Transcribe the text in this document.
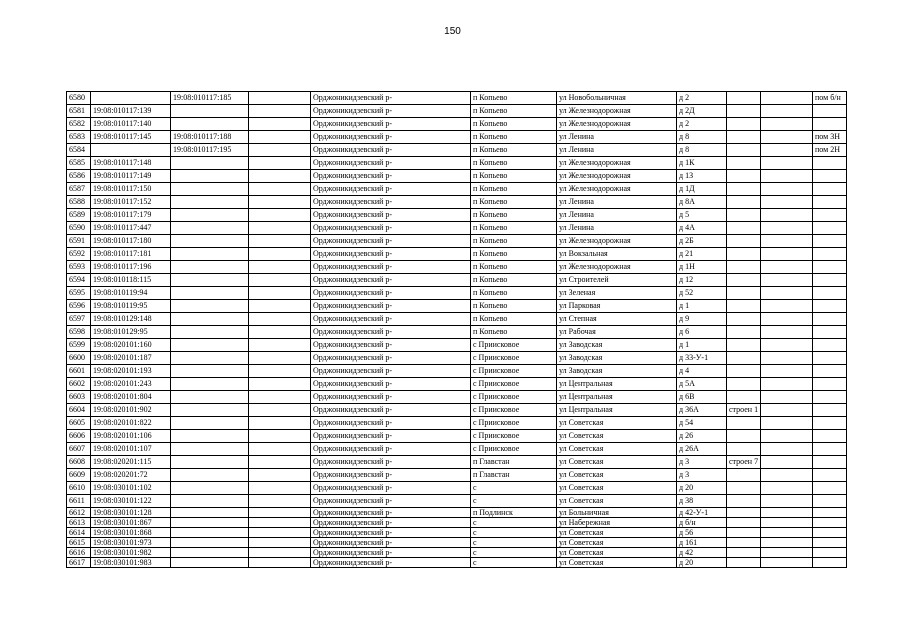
150
6580		19:08:010117:185		Орджоникидзевский р-	п Копьево	ул Новобольничная	д 2			пом б/н
6581	19:08:010117:139			Орджоникидзевский р-	п Копьево	ул Железнодорожная	д 2Д			
6582	19:08:010117:140			Орджоникидзевский р-	п Копьево	ул Железнодорожная	д 2			
6583	19:08:010117:145	19:08:010117:188		Орджоникидзевский р-	п Копьево	ул Ленина	д 8			пом 3Н
6584		19:08:010117:195		Орджоникидзевский р-	п Копьево	ул Ленина	д 8			пом 2Н
6585	19:08:010117:148			Орджоникидзевский р-	п Копьево	ул Железнодорожная	д 1К			
6586	19:08:010117:149			Орджоникидзевский р-	п Копьево	ул Железнодорожная	д 1З			
6587	19:08:010117:150			Орджоникидзевский р-	п Копьево	ул Железнодорожная	д 1Д			
6588	19:08:010117:152			Орджоникидзевский р-	п Копьево	ул Ленина	д 8А			
6589	19:08:010117:179			Орджоникидзевский р-	п Копьево	ул Ленина	д 5			
6590	19:08:010117:447			Орджоникидзевский р-	п Копьево	ул Ленина	д 4А			
6591	19:08:010117:180			Орджоникидзевский р-	п Копьево	ул Железнодорожная	д 2Б			
6592	19:08:010117:181			Орджоникидзевский р-	п Копьево	ул Вокзальная	д 21			
6593	19:08:010117:196			Орджоникидзевский р-	п Копьево	ул Железнодорожная	д 1Н			
6594	19:08:010118:115			Орджоникидзевский р-	п Копьево	ул Строителей	д 12			
6595	19:08:010119:94			Орджоникидзевский р-	п Копьево	ул Зеленая	д 52			
6596	19:08:010119:95			Орджоникидзевский р-	п Копьево	ул Парковая	д 1			
6597	19:08:010129:148			Орджоникидзевский р-	п Копьево	ул Степная	д 9			
6598	19:08:010129:95			Орджоникидзевский р-	п Копьево	ул Рабочая	д 6			
6599	19:08:020101:160			Орджоникидзевский р-	с Приисковое	ул Заводская	д 1			
6600	19:08:020101:187			Орджоникидзевский р-	с Приисковое	ул Заводская	д 33-У-1			
6601	19:08:020101:193			Орджоникидзевский р-	с Приисковое	ул Заводская	д 4			
6602	19:08:020101:243			Орджоникидзевский р-	с Приисковое	ул Центральная	д 5А			
6603	19:08:020101:804			Орджоникидзевский р-	с Приисковое	ул Центральная	д 6В			
6604	19:08:020101:902			Орджоникидзевский р-	с Приисковое	ул Центральная	д 36А	строен 1		
6605	19:08:020101:822			Орджоникидзевский р-	с Приисковое	ул Советская	д 54			
6606	19:08:020101:106			Орджоникидзевский р-	с Приисковое	ул Советская	д 26			
6607	19:08:020101:107			Орджоникидзевский р-	с Приисковое	ул Советская	д 26А			
6608	19:08:020201:115			Орджоникидзевский р-	п Главстан	ул Советская	д 3	строен 7		
6609	19:08:020201:72			Орджоникидзевский р-	п Главстан	ул Советская	д 3			
6610	19:08:030101:102			Орджоникидзевский р-	с	ул Советская	д 20			
6611	19:08:030101:122			Орджоникидзевский р-	с	ул Советская	д 38			
6612	19:08:030101:128			Орджоникидзевский р-	п Подлинск	ул Больничная	д 42-У-1			
6613	19:08:030101:867			Орджоникидзевский р-	с	ул Набережная	д б/н			
6614	19:08:030101:868			Орджоникидзевский р-	с	ул Советская	д 56			
6615	19:08:030101:973			Орджоникидзевский р-	с	ул Советская	д 161			
6616	19:08:030101:982			Орджоникидзевский р-	с	ул Советская	д 42			
6617	19:08:030101:983			Орджоникидзевский р-	с	ул Советская	д 20			
